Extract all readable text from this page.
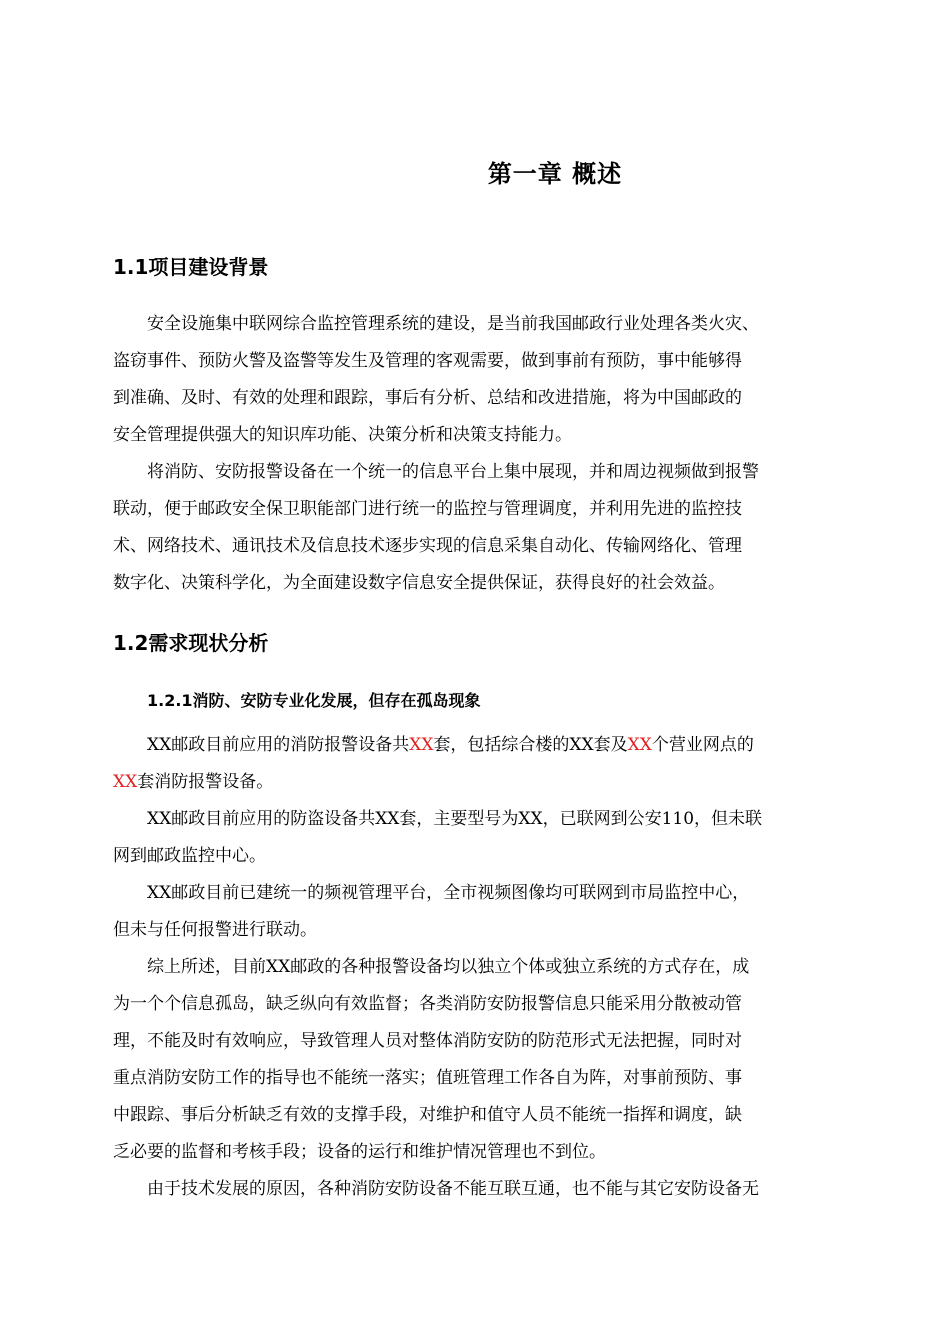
第一章 概述
1.1项目建设背景
安全设施集中联网综合监控管理系统的建设，是当前我国邮政行业处理各类火灾、
盗窃事件、预防火警及盗警等发生及管理的客观需要，做到事前有预防，事中能够得
到准确、及时、有效的处理和跟踪，事后有分析、总结和改进措施，将为中国邮政的
安全管理提供强大的知识库功能、决策分析和决策支持能力。
将消防、安防报警设备在一个统一的信息平台上集中展现，并和周边视频做到报警
联动，便于邮政安全保卫职能部门进行统一的监控与管理调度，并利用先进的监控技
术、网络技术、通讯技术及信息技术逐步实现的信息采集自动化、传输网络化、管理
数字化、决策科学化，为全面建设数字信息安全提供保证，获得良好的社会效益。
1.2需求现状分析
1.2.1消防、安防专业化发展，但存在孤岛现象
XX邮政目前应用的消防报警设备共XX套，包括综合楼的XX套及XX个营业网点的
XX套消防报警设备。
XX邮政目前应用的防盗设备共XX套，主要型号为XX，已联网到公安110，但未联
网到邮政监控中心。
XX邮政目前已建统一的频视管理平台，全市视频图像均可联网到市局监控中心，
但未与任何报警进行联动。
综上所述，目前XX邮政的各种报警设备均以独立个体或独立系统的方式存在，成
为一个个信息孤岛，缺乏纵向有效监督；各类消防安防报警信息只能采用分散被动管
理，不能及时有效响应，导致管理人员对整体消防安防的防范形式无法把握，同时对
重点消防安防工作的指导也不能统一落实；值班管理工作各自为阵，对事前预防、事
中跟踪、事后分析缺乏有效的支撑手段，对维护和值守人员不能统一指挥和调度，缺
乏必要的监督和考核手段；设备的运行和维护情况管理也不到位。
由于技术发展的原因，各种消防安防设备不能互联互通，也不能与其它安防设备无
